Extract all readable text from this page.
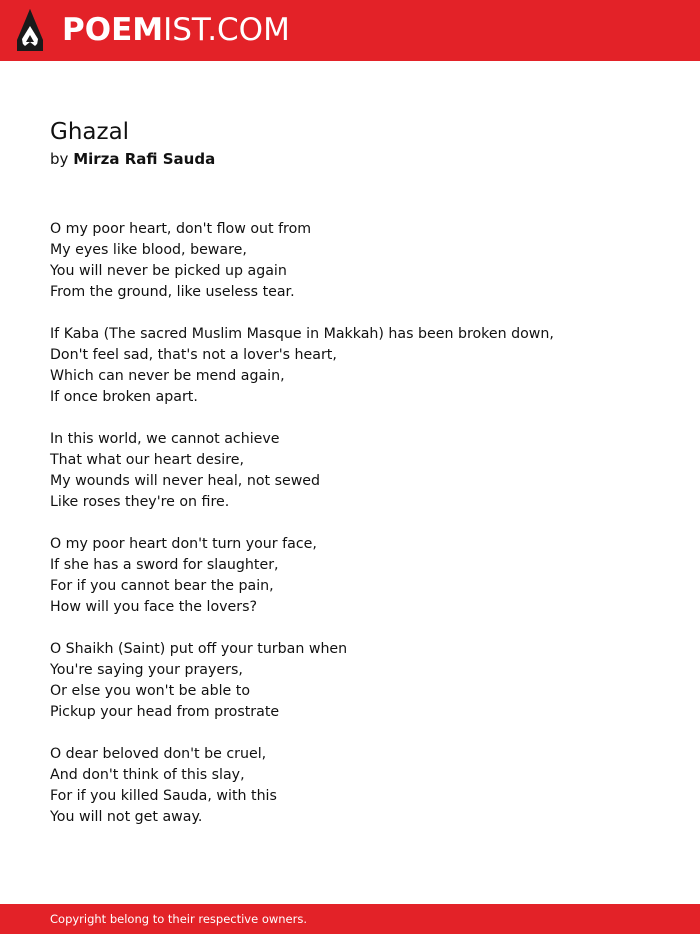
POEMIST.COM
Ghazal
by Mirza Rafi Sauda
O my poor heart, don't flow out from
My eyes like blood, beware,
You will never be picked up again
From the ground, like useless tear.
If Kaba (The sacred Muslim Masque in Makkah) has been broken down,
Don't feel sad, that's not a lover's heart,
Which can never be mend again,
If once broken apart.
In this world, we cannot achieve
That what our heart desire,
My wounds will never heal, not sewed
Like roses they're on fire.
O my poor heart don't turn your face,
If she has a sword for slaughter,
For if you cannot bear the pain,
How will you face the lovers?
O Shaikh (Saint) put off your turban when
You're saying your prayers,
Or else you won't be able to
Pickup your head from prostrate
O dear beloved don't be cruel,
And don't think of this slay,
For if you killed Sauda, with this
You will not get away.
Copyright belong to their respective owners.
